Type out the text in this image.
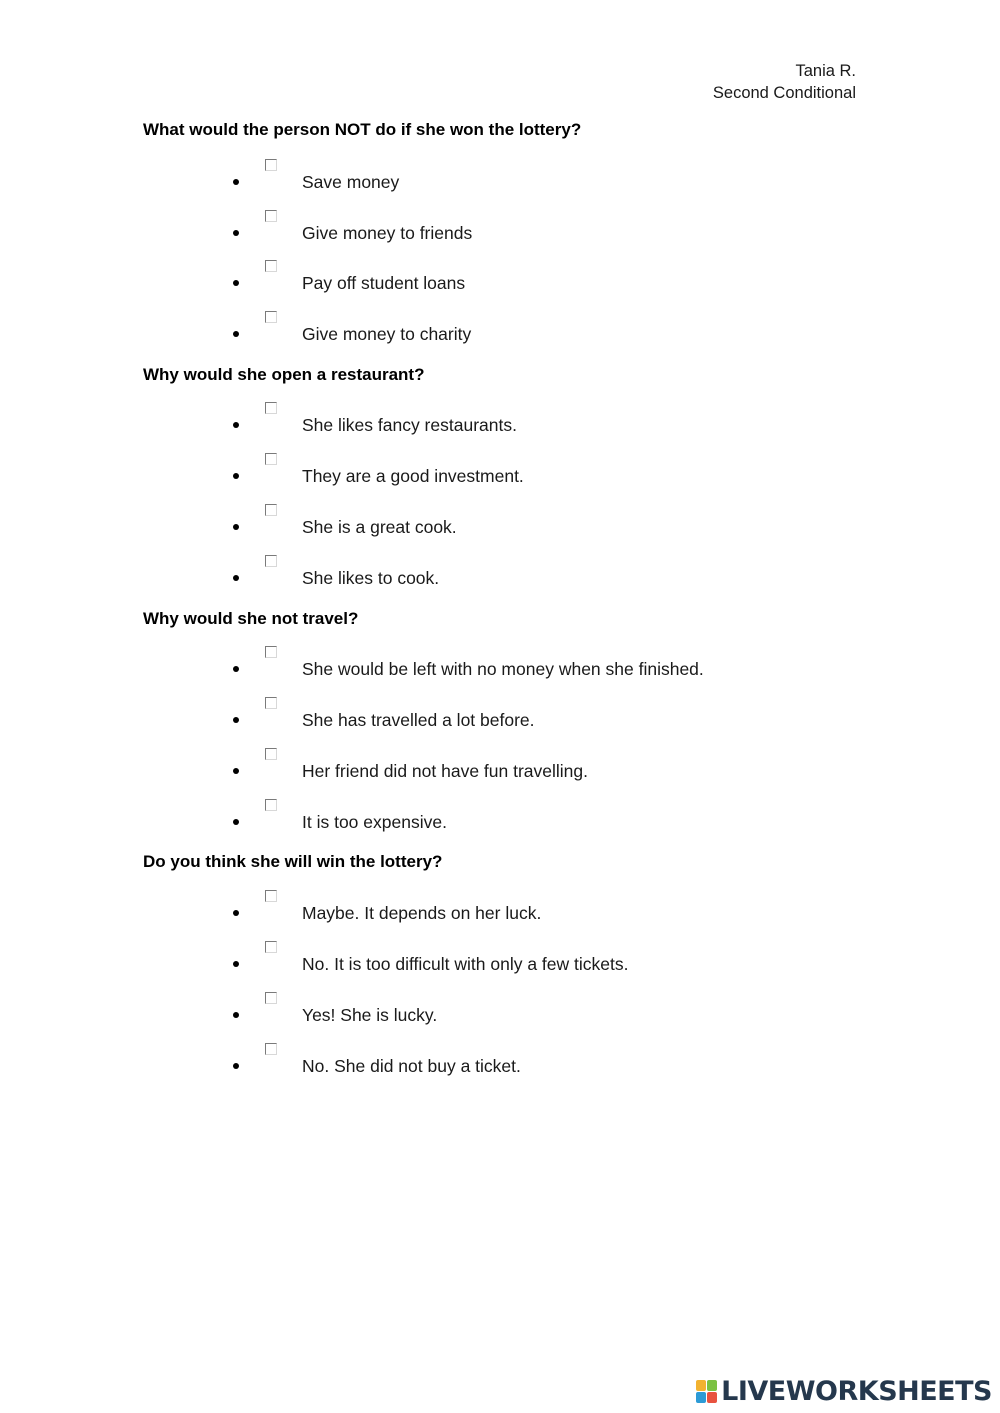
Tania R.
Second Conditional
What would the person NOT do if she won the lottery?
Save money
Give money to friends
Pay off student loans
Give money to charity
Why would she open a restaurant?
She likes fancy restaurants.
They are a good investment.
She is a great cook.
She likes to cook.
Why would she not travel?
She would be left with no money when she finished.
She has travelled a lot before.
Her friend did not have fun travelling.
It is too expensive.
Do you think she will win the lottery?
Maybe. It depends on her luck.
No. It is too difficult with only a few tickets.
Yes! She is lucky.
No. She did not buy a ticket.
LIVEWORKSHEETS
